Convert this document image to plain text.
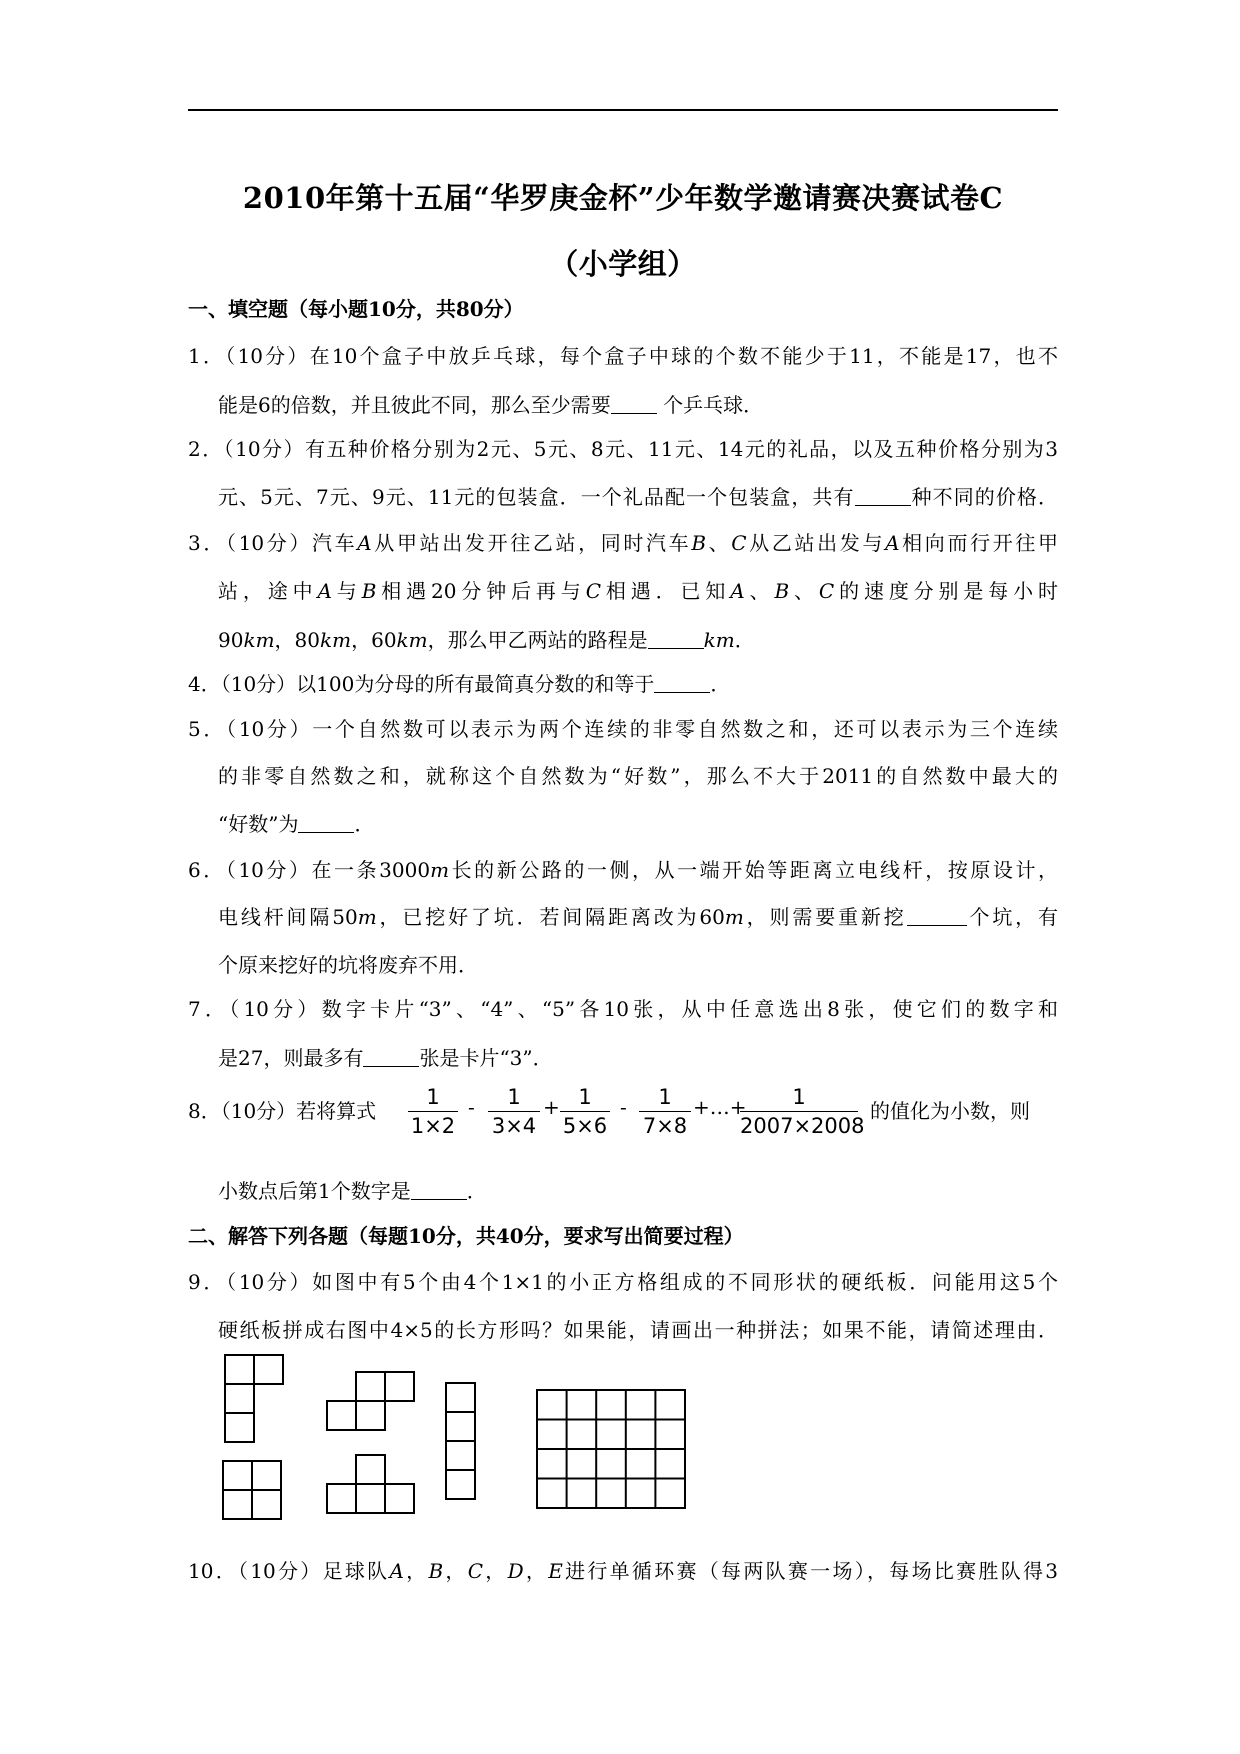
2010年第十五届“华罗庚金杯”少年数学邀请赛决赛试卷C
（小学组）
一、填空题（每小题10分，共80分）
1．（10分）在10个盒子中放乒乓球，每个盒子中球的个数不能少于11，不能是17，也不
能是6的倍数，并且彼此不同，那么至少需要 个乒乓球．
2．（10分）有五种价格分别为2元、5元、8元、11元、14元的礼品，以及五种价格分别为3
元、5元、7元、9元、11元的包装盒．一个礼品配一个包装盒，共有	种不同的价格．
3．（10分）汽车A从甲站出发开往乙站，同时汽车B、C从乙站出发与A相向而行开往甲
站，途中A与B相遇20分钟后再与C相遇．已知A、B、C的速度分别是每小时
90km，80km，60km，那么甲乙两站的路程是	km．
4．（10分）以100为分母的所有最简真分数的和等于	．
5．（10分）一个自然数可以表示为两个连续的非零自然数之和，还可以表示为三个连续
的非零自然数之和，就称这个自然数为“好数”，那么不大于2011的自然数中最大的
“好数”为	．
6．（10分）在一条3000m长的新公路的一侧，从一端开始等距离立电线杆，按原设计，
电线杆间隔50m，已挖好了坑．若间隔距离改为60m，则需要重新挖	个坑，有
个原来挖好的坑将废弃不用．
7．（10分）数字卡片“3”、“4”、“5”各10张，从中任意选出8张，使它们的数字和
是27，则最多有	张是卡片“3”．
8．（10分）若将算式
1
1×2
-	1
3×4
+ 1
5×6
-	1
7×8
+…+	1
2007×2008
的值化为小数，则
小数点后第1个数字是	．
二、解答下列各题（每题10分，共40分，要求写出简要过程）
9．（10分）如图中有5个由4个1×1的小正方格组成的不同形状的硬纸板．问能用这5个
硬纸板拼成右图中4×5的长方形吗？如果能，请画出一种拼法；如果不能，请简述理由．
10．（10分）足球队A，B，C，D，E进行单循环赛（每两队赛一场），每场比赛胜队得3
